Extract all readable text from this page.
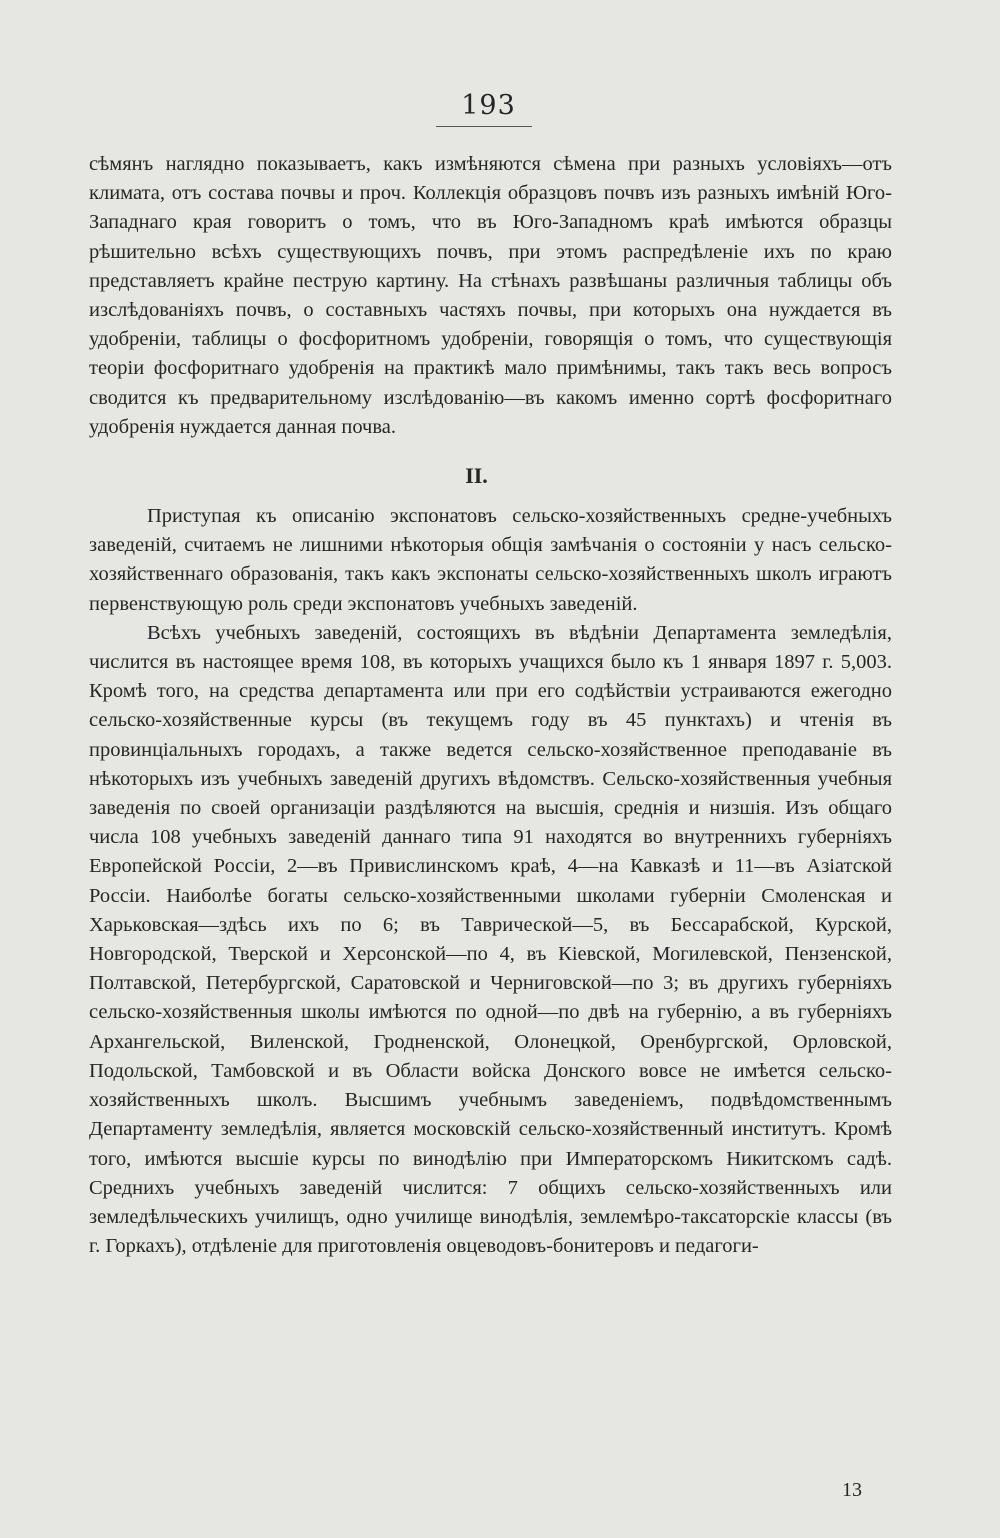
193

сѣмянъ наглядно показываетъ, какъ измѣняются сѣмена при разныхъ условіяхъ—отъ климата, отъ состава почвы и проч. Коллекція образцовъ почвъ изъ разныхъ имѣній Юго-Западнаго края говоритъ о томъ, что въ Юго-Западномъ краѣ имѣются образцы рѣшительно всѣхъ существующихъ почвъ, при этомъ распредѣленіе ихъ по краю представляетъ крайне пеструю картину. На стѣнахъ развѣшаны различныя таблицы объ изслѣдованіяхъ почвъ, о составныхъ частяхъ почвы, при которыхъ она нуждается въ удобреніи, таблицы о фосфоритномъ удобреніи, говорящія о томъ, что существующія теоріи фосфоритнаго удобренія на практикѣ мало примѣнимы, такъ такъ весь вопросъ сводится къ предварительному изслѣдованію—въ какомъ именно сортѣ фосфоритнаго удобренія нуждается данная почва.

II.

Приступая къ описанію экспонатовъ сельско-хозяйственныхъ средне-учебныхъ заведеній, считаемъ не лишними нѣкоторыя общія замѣчанія о состояніи у насъ сельско-хозяйственнаго образованія, такъ какъ экспонаты сельско-хозяйственныхъ школъ играютъ первенствующую роль среди экспонатовъ учебныхъ заведеній.

Всѣхъ учебныхъ заведеній, состоящихъ въ вѣдѣніи Департамента земледѣлія, числится въ настоящее время 108, въ которыхъ учащихся было къ 1 января 1897 г. 5,003. Кромѣ того, на средства департамента или при его содѣйствіи устраиваются ежегодно сельско-хозяйственные курсы (въ текущемъ году въ 45 пунктахъ) и чтенія въ провинціальныхъ городахъ, а также ведется сельско-хозяйственное преподаваніе въ нѣкоторыхъ изъ учебныхъ заведеній другихъ вѣдомствъ. Сельско-хозяйственныя учебныя заведенія по своей организаціи раздѣляются на высшія, среднія и низшія. Изъ общаго числа 108 учебныхъ заведеній даннаго типа 91 находятся во внутреннихъ губерніяхъ Европейской Россіи, 2—въ Привислинскомъ краѣ, 4—на Кавказѣ и 11—въ Азіатской Россіи. Наиболѣе богаты сельско-хозяйственными школами губерніи Смоленская и Харьковская—здѣсь ихъ по 6; въ Таврической—5, въ Бессарабской, Курской, Новгородской, Тверской и Херсонской—по 4, въ Кіевской, Могилевской, Пензенской, Полтавской, Петербургской, Саратовской и Черниговской—по 3; въ другихъ губерніяхъ сельско-хозяйственныя школы имѣются по одной—по двѣ на губернію, а въ губерніяхъ Архангельской, Виленской, Гродненской, Олонецкой, Оренбургской, Орловской, Подольской, Тамбовской и въ Области войска Донского вовсе не имѣется сельско-хозяйственныхъ школъ. Высшимъ учебнымъ заведеніемъ, подвѣдомственнымъ Департаменту земледѣлія, является московскій сельско-хозяйственный институтъ. Кромѣ того, имѣются высшіе курсы по винодѣлію при Императорскомъ Никитскомъ садѣ. Среднихъ учебныхъ заведеній числится: 7 общихъ сельско-хозяйственныхъ или земледѣльческихъ училищъ, одно училище винодѣлія, землемѣро-таксаторскіе классы (въ г. Горкахъ), отдѣленіе для приготовленія овцеводовъ-бонитеровъ и педагоги-

13
